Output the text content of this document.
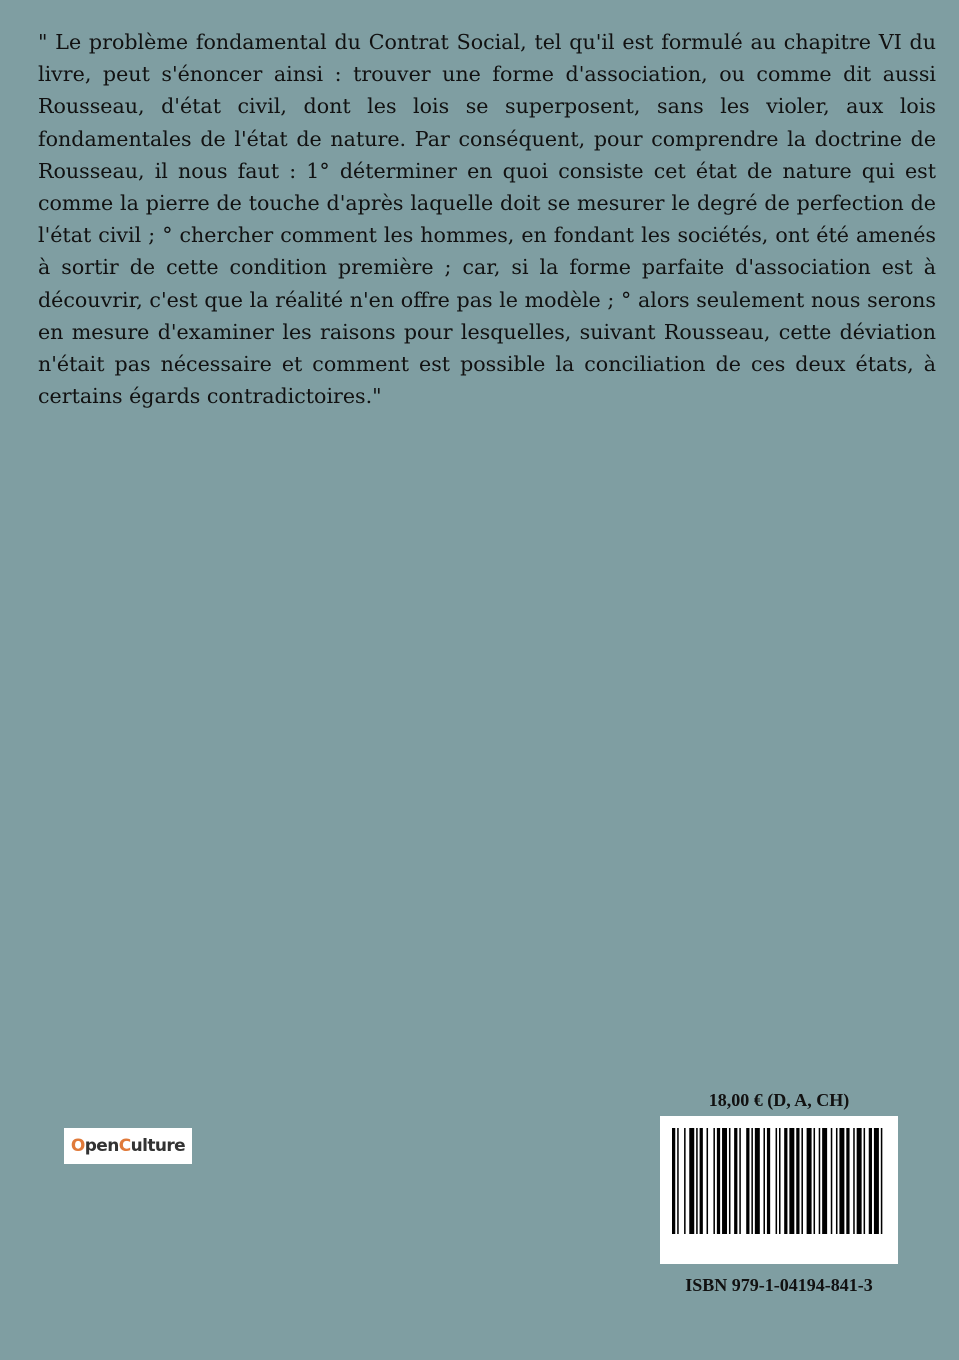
" Le problème fondamental du Contrat Social, tel qu'il est formulé au chapitre VI du livre, peut s'énoncer ainsi : trouver une forme d'association, ou comme dit aussi Rousseau, d'état civil, dont les lois se superposent, sans les violer, aux lois fondamentales de l'état de nature. Par conséquent, pour comprendre la doctrine de Rousseau, il nous faut : 1° déterminer en quoi consiste cet état de nature qui est comme la pierre de touche d'après laquelle doit se mesurer le degré de perfection de l'état civil ; ° chercher comment les hommes, en fondant les sociétés, ont été amenés à sortir de cette condition première ; car, si la forme parfaite d'association est à découvrir, c'est que la réalité n'en offre pas le modèle ; ° alors seulement nous serons en mesure d'examiner les raisons pour lesquelles, suivant Rousseau, cette déviation n'était pas nécessaire et comment est possible la conciliation de ces deux états, à certains égards contradictoires."

O pen C ulture
18,00 € (D, A, CH)
ISBN 979-1-04194-841-3
